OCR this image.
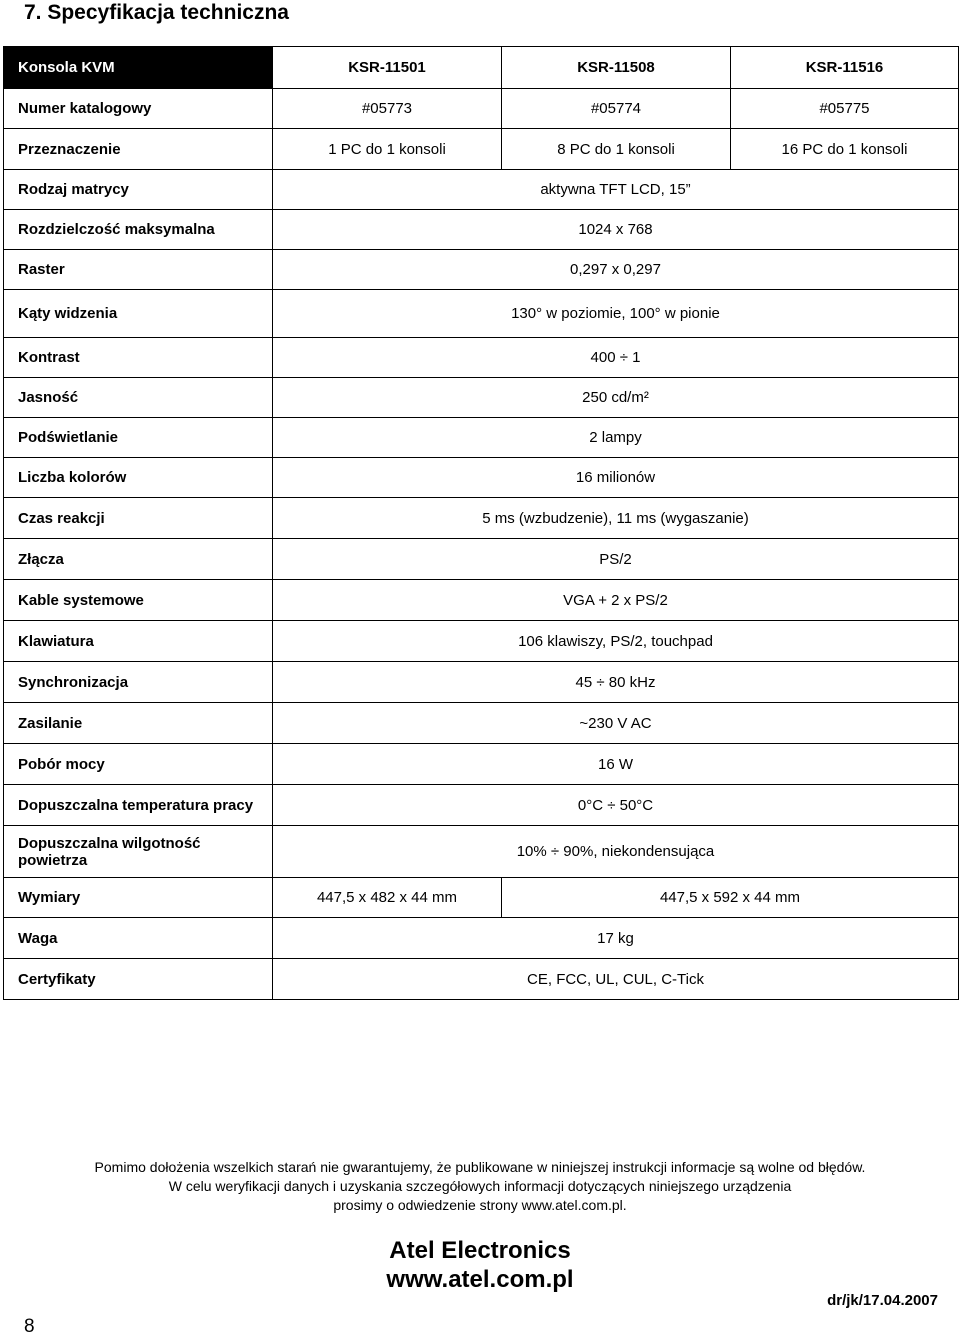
7. Specyfikacja techniczna
Konsola KVM	KSR-11501	KSR-11508	KSR-11516
Numer katalogowy	#05773	#05774	#05775
Przeznaczenie	1 PC do 1 konsoli	8 PC do 1 konsoli	16 PC do 1 konsoli
Rodzaj matrycy	aktywna TFT LCD, 15”		
Rozdzielczość maksymalna	1024 x 768		
Raster	0,297 x 0,297		
Kąty widzenia	130° w poziomie, 100° w pionie		
Kontrast	400 ÷ 1		
Jasność	250 cd/m²		
Podświetlanie	2 lampy		
Liczba kolorów	16 milionów		
Czas reakcji	5 ms (wzbudzenie), 11 ms (wygaszanie)		
Złącza	PS/2		
Kable systemowe	VGA + 2 x PS/2		
Klawiatura	106 klawiszy, PS/2, touchpad		
Synchronizacja	45 ÷ 80 kHz		
Zasilanie	~230 V AC		
Pobór mocy	16 W		
Dopuszczalna temperatura pracy	0°C ÷ 50°C		
Dopuszczalna wilgotność powietrza	10% ÷ 90%, niekondensująca		
Wymiary	447,5 x 482 x 44 mm	447,5 x 592 x 44 mm	
Waga	17 kg		
Certyfikaty	CE, FCC, UL, CUL, C-Tick		
Pomimo dołożenia wszelkich starań nie gwarantujemy, że publikowane w niniejszej instrukcji informacje są wolne od błędów.
W celu weryfikacji danych i uzyskania szczegółowych informacji dotyczących niniejszego urządzenia
prosimy o odwiedzenie strony www.atel.com.pl.
Atel Electronics
www.atel.com.pl
8
dr/jk/17.04.2007
